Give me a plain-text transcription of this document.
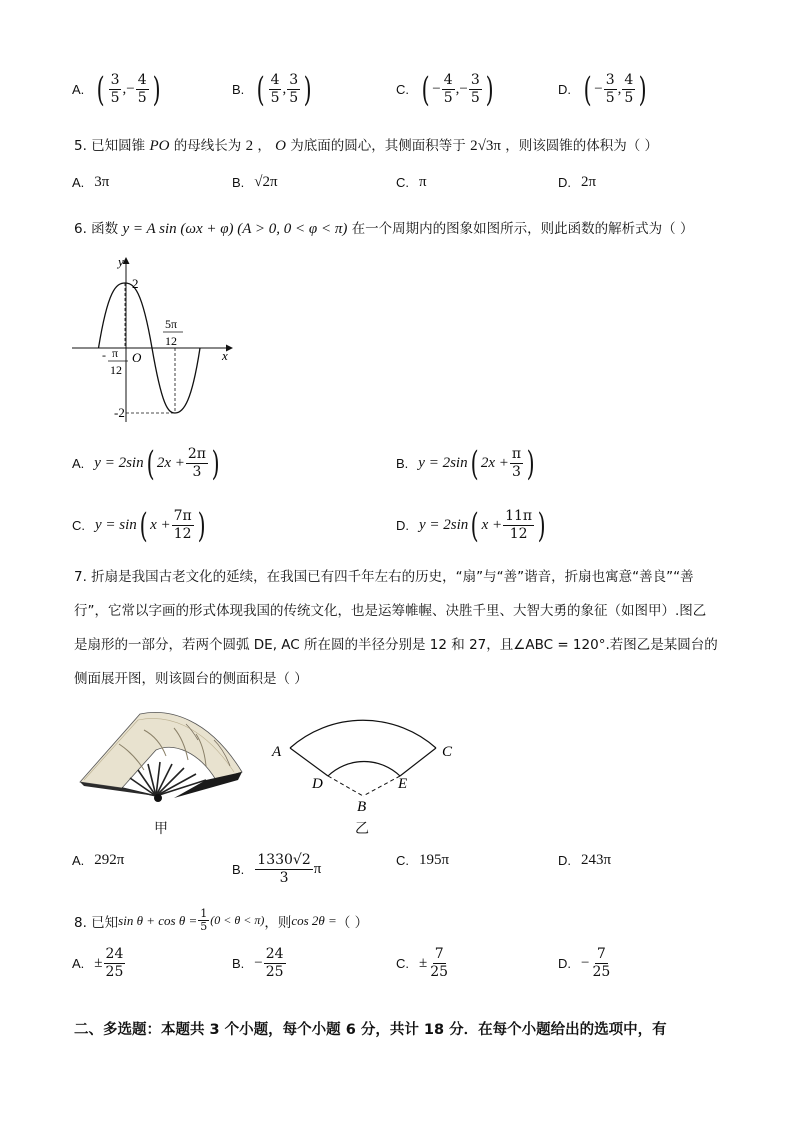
A. ( $\frac{3}{5}$ , − $\frac{4}{5}$ )	B. ( $\frac{4}{5}$ , $\frac{3}{5}$ )	C. ( − $\frac{4}{5}$ , − $\frac{3}{5}$ )	D. ( − $\frac{3}{5}$ , $\frac{4}{5}$ )
5. 已知圆锥 PO 的母线长为 2 ， O 为底面的圆心，其侧面积等于 2√3π ，则该圆锥的体积为（ ）
A. 3π	B. √2π	C. π	D. 2π
6. 函数 y = A sin (ωx + φ) (A > 0, 0 < φ < π) 在一个周期内的图象如图所示，则此函数的解析式为（ ）
y
x
O
2
-2
- π
12
5π
12
A. y = 2sin ( $2x + \frac{2\pi}{3}$ )	B. y = 2sin ( $2x + \frac{\pi}{3}$ )
C. y = sin ( $x + \frac{7\pi}{12}$ )	D. y = 2sin ( $x + \frac{11\pi}{12}$ )
7. 折扇是我国古老文化的延续，在我国已有四千年左右的历史，“扇”与“善”谐音，折扇也寓意“善良”“善
行”，它常以字画的形式体现我国的传统文化，也是运筹帷幄、决胜千里、大智大勇的象征（如图甲）.图乙
是扇形的一部分，若两个圆弧 DE, AC 所在圆的半径分别是 12 和 27，且∠ABC = 120°.若图乙是某圆台的
侧面展开图，则该圆台的侧面积是（ ）
甲
A	C
D	E
B
乙
A. 292π
B. $\frac{1330√2}{3}$ π
C. 195π	D. 243π
8. 已知 $\sin \theta + \cos \theta = \frac{1}{5} (0 < \theta < \pi)$ ，则 cos 2θ = （ ）
A. ± $\frac{24}{25}$	B. − $\frac{24}{25}$	C. ± $\frac{7}{25}$	D. − $\frac{7}{25}$
二、多选题：本题共 3 个小题，每个小题 6 分，共计 18 分．在每个小题给出的选项中，有
